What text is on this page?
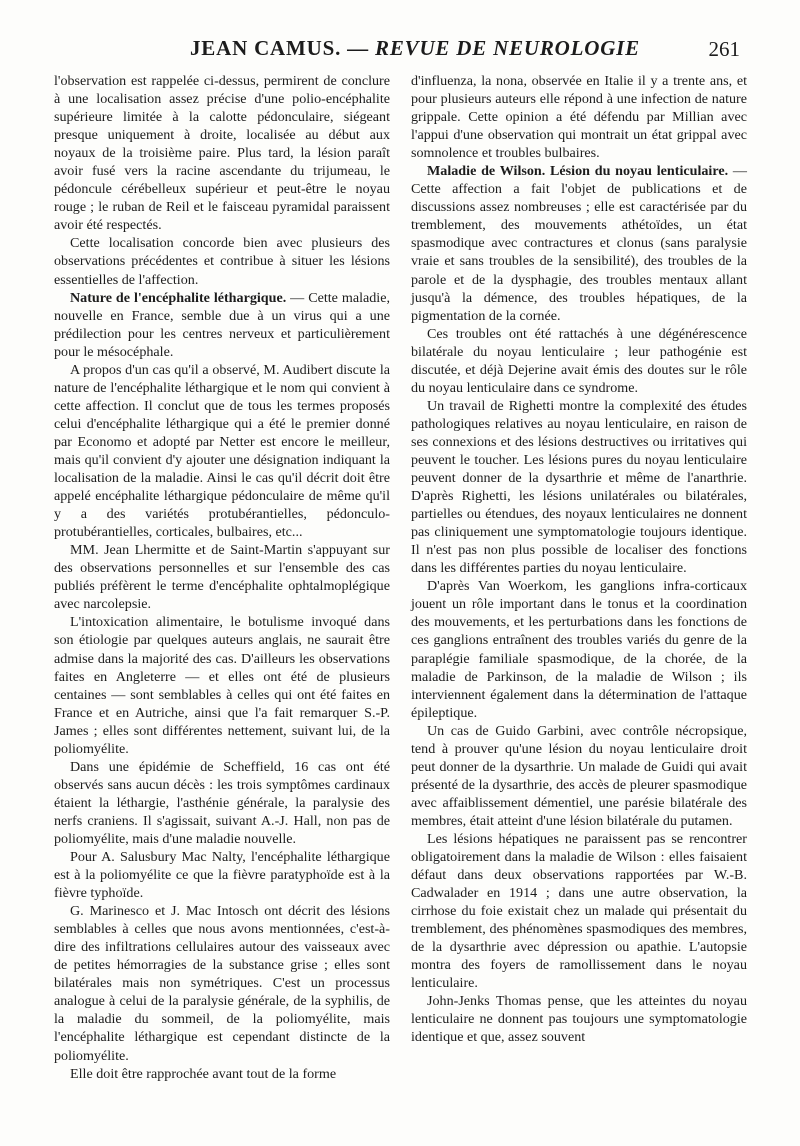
JEAN CAMUS. — REVUE DE NEUROLOGIE	261

l'observation est rappelée ci-dessus, permirent de conclure à une localisation assez précise d'une polio-encéphalite supérieure limitée à la calotte pédonculaire, siégeant presque uniquement à droite, localisée au début aux noyaux de la troisième paire. Plus tard, la lésion paraît avoir fusé vers la racine ascendante du trijumeau, le pédoncule cérébelleux supérieur et peut-être le noyau rouge ; le ruban de Reil et le faisceau pyramidal paraissent avoir été respectés.

Cette localisation concorde bien avec plusieurs des observations précédentes et contribue à situer les lésions essentielles de l'affection.

Nature de l'encéphalite léthargique. — Cette maladie, nouvelle en France, semble due à un virus qui a une prédilection pour les centres nerveux et particulièrement pour le mésocéphale.

A propos d'un cas qu'il a observé, M. Audibert discute la nature de l'encéphalite léthargique et le nom qui convient à cette affection. Il conclut que de tous les termes proposés celui d'encéphalite léthargique qui a été le premier donné par Economo et adopté par Netter est encore le meilleur, mais qu'il convient d'y ajouter une désignation indiquant la localisation de la maladie. Ainsi le cas qu'il décrit doit être appelé encéphalite léthargique pédonculaire de même qu'il y a des variétés protubérantielles, pédonculo-protubérantielles, corticales, bulbaires, etc...

MM. Jean Lhermitte et de Saint-Martin s'appuyant sur des observations personnelles et sur l'ensemble des cas publiés préfèrent le terme d'encéphalite ophtalmoplégique avec narcolepsie.

L'intoxication alimentaire, le botulisme invoqué dans son étiologie par quelques auteurs anglais, ne saurait être admise dans la majorité des cas. D'ailleurs les observations faites en Angleterre — et elles ont été de plusieurs centaines — sont semblables à celles qui ont été faites en France et en Autriche, ainsi que l'a fait remarquer S.-P. James ; elles sont différentes nettement, suivant lui, de la poliomyélite.

Dans une épidémie de Scheffield, 16 cas ont été observés sans aucun décès : les trois symptômes cardinaux étaient la léthargie, l'asthénie générale, la paralysie des nerfs craniens. Il s'agissait, suivant A.-J. Hall, non pas de poliomyélite, mais d'une maladie nouvelle.

Pour A. Salusbury Mac Nalty, l'encéphalite léthargique est à la poliomyélite ce que la fièvre paratyphoïde est à la fièvre typhoïde.

G. Marinesco et J. Mac Intosch ont décrit des lésions semblables à celles que nous avons mentionnées, c'est-à-dire des infiltrations cellulaires autour des vaisseaux avec de petites hémorragies de la substance grise ; elles sont bilatérales mais non symétriques. C'est un processus analogue à celui de la paralysie générale, de la syphilis, de la maladie du sommeil, de la poliomyélite, mais l'encéphalite léthargique est cependant distincte de la poliomyélite.

Elle doit être rapprochée avant tout de la forme

d'influenza, la nona, observée en Italie il y a trente ans, et pour plusieurs auteurs elle répond à une infection de nature grippale. Cette opinion a été défendu par Millian avec l'appui d'une observation qui montrait un état grippal avec somnolence et troubles bulbaires.

Maladie de Wilson. Lésion du noyau lenticulaire. — Cette affection a fait l'objet de publications et de discussions assez nombreuses ; elle est caractérisée par du tremblement, des mouvements athétoïdes, un état spasmodique avec contractures et clonus (sans paralysie vraie et sans troubles de la sensibilité), des troubles de la parole et de la dysphagie, des troubles mentaux allant jusqu'à la démence, des troubles hépatiques, de la pigmentation de la cornée.

Ces troubles ont été rattachés à une dégénérescence bilatérale du noyau lenticulaire ; leur pathogénie est discutée, et déjà Dejerine avait émis des doutes sur le rôle du noyau lenticulaire dans ce syndrome.

Un travail de Righetti montre la complexité des études pathologiques relatives au noyau lenticulaire, en raison de ses connexions et des lésions destructives ou irritatives qui peuvent le toucher. Les lésions pures du noyau lenticulaire peuvent donner de la dysarthrie et même de l'anarthrie. D'après Righetti, les lésions unilatérales ou bilatérales, partielles ou étendues, des noyaux lenticulaires ne donnent pas cliniquement une symptomatologie toujours identique. Il n'est pas non plus possible de localiser des fonctions dans les différentes parties du noyau lenticulaire.

D'après Van Woerkom, les ganglions infra-corticaux jouent un rôle important dans le tonus et la coordination des mouvements, et les perturbations dans les fonctions de ces ganglions entraînent des troubles variés du genre de la paraplégie familiale spasmodique, de la chorée, de la maladie de Parkinson, de la maladie de Wilson ; ils interviennent également dans la détermination de l'attaque épileptique.

Un cas de Guido Garbini, avec contrôle nécropsique, tend à prouver qu'une lésion du noyau lenticulaire droit peut donner de la dysarthrie. Un malade de Guidi qui avait présenté de la dysarthrie, des accès de pleurer spasmodique avec affaiblissement démentiel, une parésie bilatérale des membres, était atteint d'une lésion bilatérale du putamen.

Les lésions hépatiques ne paraissent pas se rencontrer obligatoirement dans la maladie de Wilson : elles faisaient défaut dans deux observations rapportées par W.-B. Cadwalader en 1914 ; dans une autre observation, la cirrhose du foie existait chez un malade qui présentait du tremblement, des phénomènes spasmodiques des membres, de la dysarthrie avec dépression ou apathie. L'autopsie montra des foyers de ramollissement dans le noyau lenticulaire.

John-Jenks Thomas pense, que les atteintes du noyau lenticulaire ne donnent pas toujours une symptomatologie identique et que, assez souvent
